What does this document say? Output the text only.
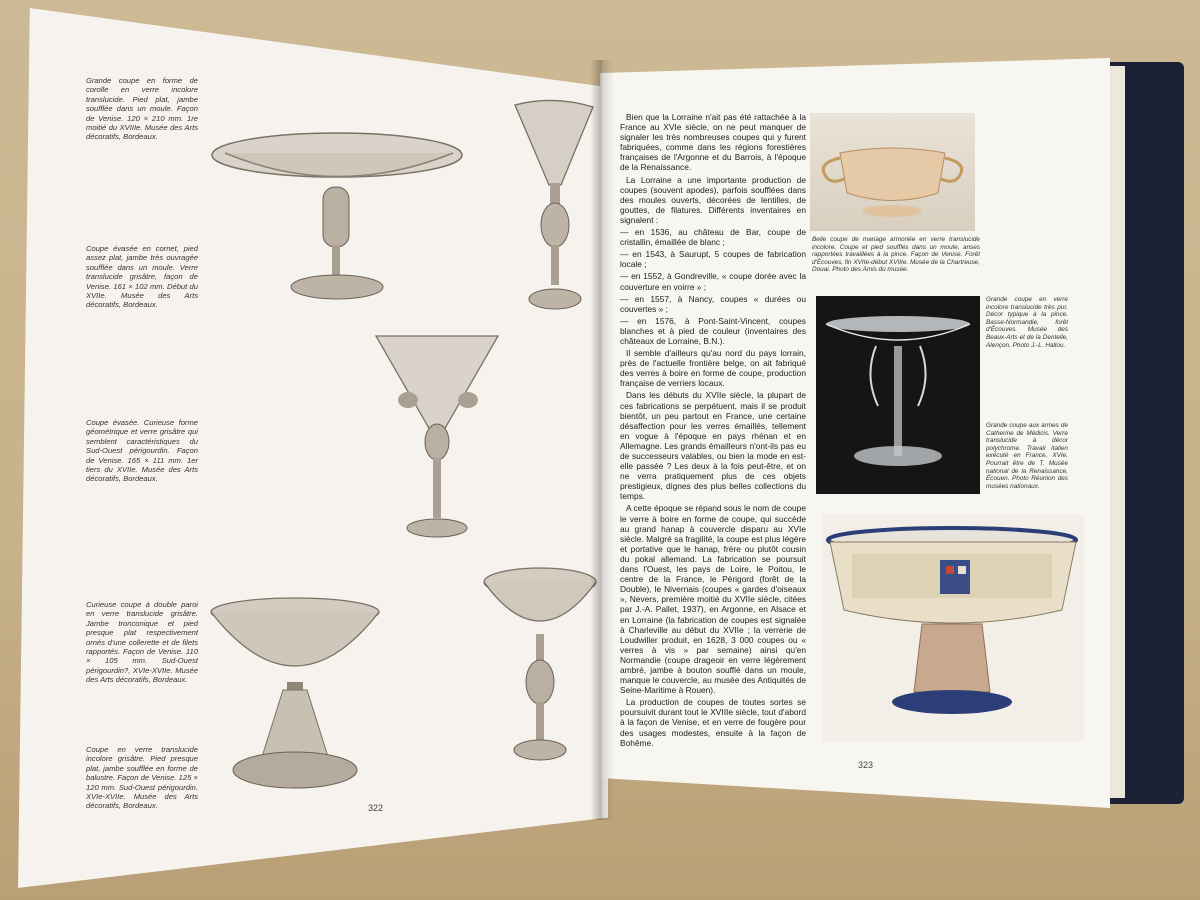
Grande coupe en forme de corolle en verre incolore translucide. Pied plat, jambe soufflée dans un moule. Façon de Venise. 120 × 210 mm. 1re moitié du XVIIIe. Musée des Arts décoratifs, Bordeaux.
Coupe évasée en cornet, pied assez plat, jambe très ouvragée soufflée dans un moule. Verre translucide grisâtre, façon de Venise. 161 × 102 mm. Début du XVIIe. Musée des Arts décoratifs, Bordeaux.
Coupe évasée. Curieuse forme géométrique et verre grisâtre qui semblent caractéristiques du Sud-Ouest périgourdin. Façon de Venise. 165 × 111 mm. 1er tiers du XVIIe. Musée des Arts décoratifs, Bordeaux.
Curieuse coupe à double paroi en verre translucide grisâtre. Jambe tronconique et pied presque plat respectivement ornés d'une collerette et de filets rapportés. Façon de Venise. 110 × 105 mm. Sud-Ouest périgourdin?, XVIe-XVIIe. Musée des Arts décoratifs, Bordeaux.
Coupe en verre translucide incolore grisâtre. Pied presque plat, jambe soufflée en forme de balustre. Façon de Venise. 125 × 120 mm. Sud-Ouest périgourdin. XVIe-XVIIe. Musée des Arts décoratifs, Bordeaux.	322

Bien que la Lorraine n'ait pas été rattachée à la France au XVIe siècle, on ne peut manquer de signaler les très nombreuses coupes qui y furent fabriquées, comme dans les régions forestières françaises de l'Argonne et du Barrois, à l'époque de la Renaissance.

La Lorraine a une importante production de coupes (souvent apodes), parfois soufflées dans des moules ouverts, décorées de lentilles, de gouttes, de filatures. Différents inventaires en signalent :

— en 1536, au château de Bar, coupe de cristallin, émaillée de blanc ;

— en 1543, à Saurupt, 5 coupes de fabrication locale ;

— en 1552, à Gondreville, « coupe dorée avec la couverture en voirre » ;

— en 1557, à Nancy, coupes « durées ou couvertes » ;

— en 1576, à Pont-Saint-Vincent, coupes blanches et à pied de couleur (inventaires des châteaux de Lorraine, B.N.).

Il semble d'ailleurs qu'au nord du pays lorrain, près de l'actuelle frontière belge, on ait fabriqué des verres à boire en forme de coupe, production française de verriers locaux.

Dans les débuts du XVIIe siècle, la plupart de ces fabrications se perpétuent, mais il se produit bientôt, un peu partout en France, une certaine désaffection pour les verres émaillés, tellement en vogue à l'époque en pays rhénan et en Allemagne. Les grands émailleurs n'ont-ils pas eu de successeurs valables, ou bien la mode en est-elle passée ? Les deux à la fois peut-être, et on ne verra pratiquement plus de ces objets prestigieux, dignes des plus belles collections du temps.

A cette époque se répand sous le nom de coupe le verre à boire en forme de coupe, qui succède au grand hanap à couvercle disparu au XVIe siècle. Malgré sa fragilité, la coupe est plus légère et portative que le hanap, frère ou plutôt cousin du pokal allemand. La fabrication se poursuit dans l'Ouest, les pays de Loire, le Poitou, le centre de la France, le Périgord (forêt de la Double), le Nivernais (coupes « gardes d'oiseaux », Nevers, première moitié du XVIIe siècle, citées par J.-A. Pallet, 1937), en Argonne, en Alsace et en Lorraine (la fabrication de coupes est signalée à Charleville au début du XVIIe ; la verrerie de Loudwiller produit, en 1628, 3 000 coupes ou « verres à vis » par semaine) ainsi qu'en Normandie (coupe drageoir en verre légèrement ambré, jambe à bouton soufflé dans un moule, manque le couvercle, au musée des Antiquités de Seine-Maritime à Rouen).

La production de coupes de toutes sortes se poursuivit durant tout le XVIIIe siècle, tout d'abord à la façon de Venise, et en verre de fougère pour des usages modestes, ensuite à la façon de Bohême.

Belle coupe de mariage armoriée en verre translucide incolore. Coupe et pied soufflés dans un moule, anses rapportées travaillées à la pince. Façon de Venise. Forêt d'Écouves, fin XVIIe-début XVIIIe. Musée de la Chartreuse, Douai. Photo des Amis du musée.
Grande coupe en verre incolore translucide très pur. Décor typique à la pince. Basse-Normandie, forêt d'Écouves. Musée des Beaux-Arts et de la Dentelle, Alençon. Photo J.-L. Hallou.
Grande coupe aux armes de Catherine de Médicis. Verre translucide à décor polychrome. Travail italien exécuté en France, XVIe. Pourrait être de T. Musée national de la Renaissance, Écouen. Photo Réunion des musées nationaux.
323
